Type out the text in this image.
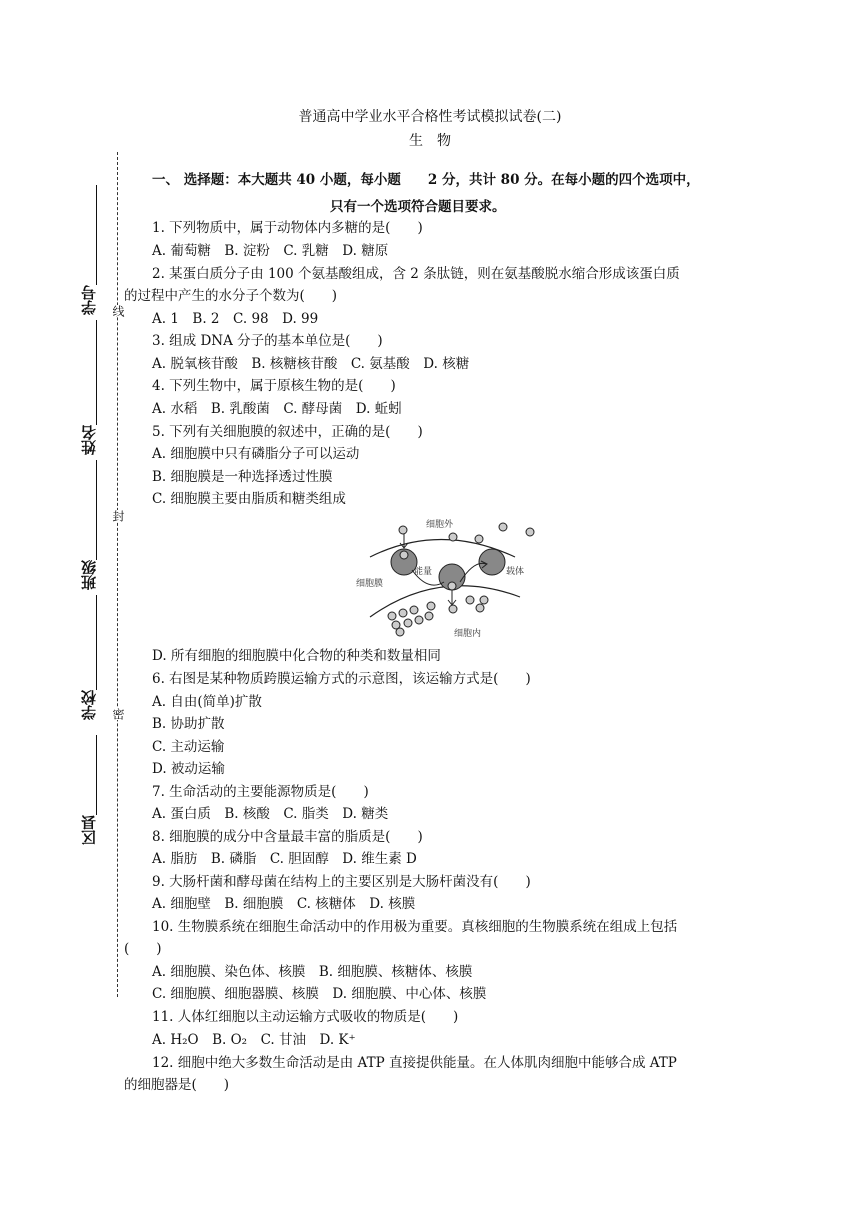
普通高中学业水平合格性考试模拟试卷(二)
生　物
线
封
密
学号
姓名
班级
学校
区县
一、 选择题：本大题共 40 小题，每小题　　2 分，共计 80 分。在每小题的四个选项中，
只有一个选项符合题目要求。
1. 下列物质中，属于动物体内多糖的是(　　)
A. 葡萄糖　B. 淀粉　C. 乳糖　D. 糖原
2. 某蛋白质分子由 100 个氨基酸组成，含 2 条肽链，则在氨基酸脱水缩合形成该蛋白质
的过程中产生的水分子个数为(　　)
A. 1　B. 2　C. 98　D. 99
3. 组成 DNA 分子的基本单位是(　　)
A. 脱氧核苷酸　B. 核糖核苷酸　C. 氨基酸　D. 核糖
4. 下列生物中，属于原核生物的是(　　)
A. 水稻　B. 乳酸菌　C. 酵母菌　D. 蚯蚓
5. 下列有关细胞膜的叙述中，正确的是(　　)
A. 细胞膜中只有磷脂分子可以运动
B. 细胞膜是一种选择透过性膜
C. 细胞膜主要由脂质和糖类组成
细胞外
细胞膜
能量	载体
细胞内
D. 所有细胞的细胞膜中化合物的种类和数量相同
6. 右图是某种物质跨膜运输方式的示意图，该运输方式是(　　)
A. 自由(简单)扩散
B. 协助扩散
C. 主动运输
D. 被动运输
7. 生命活动的主要能源物质是(　　)
A. 蛋白质　B. 核酸　C. 脂类　D. 糖类
8. 细胞膜的成分中含量最丰富的脂质是(　　)
A. 脂肪　B. 磷脂　C. 胆固醇　D. 维生素 D
9. 大肠杆菌和酵母菌在结构上的主要区别是大肠杆菌没有(　　)
A. 细胞壁　B. 细胞膜　C. 核糖体　D. 核膜
10. 生物膜系统在细胞生命活动中的作用极为重要。真核细胞的生物膜系统在组成上包括
(　　)
A. 细胞膜、染色体、核膜　B. 细胞膜、核糖体、核膜
C. 细胞膜、细胞器膜、核膜　D. 细胞膜、中心体、核膜
11. 人体红细胞以主动运输方式吸收的物质是(　　)
A. H₂O　B. O₂　C. 甘油　D. K⁺
12. 细胞中绝大多数生命活动是由 ATP 直接提供能量。在人体肌肉细胞中能够合成 ATP
的细胞器是(　　)
